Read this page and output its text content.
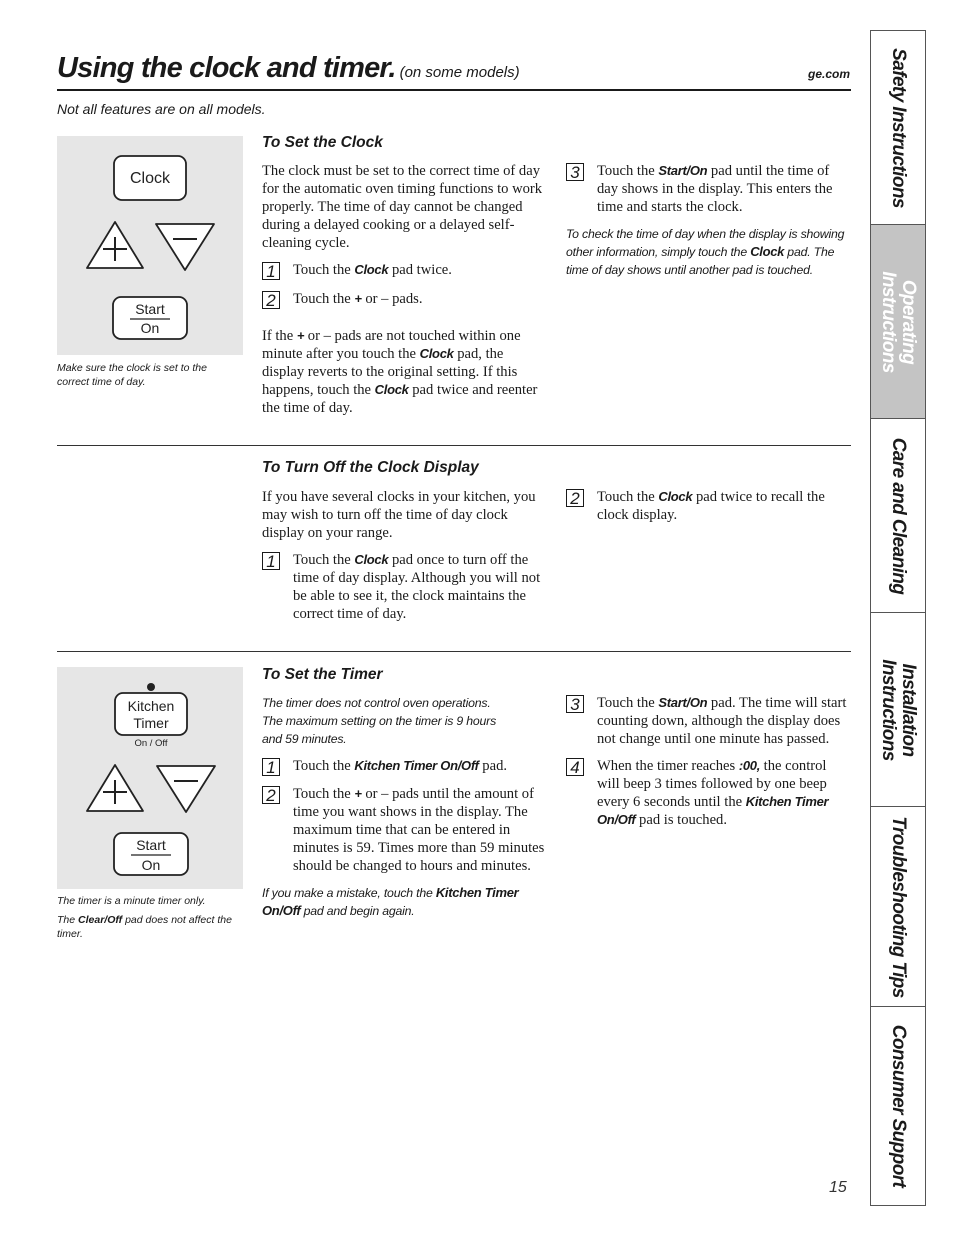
Using the clock and timer. (on some models)	ge.com
Not all features are on all models.
Clock
Start
On
Make sure the clock is set to the correct time of day.
To Set the Clock
The clock must be set to the correct time of day for the automatic oven timing functions to work properly. The time of day cannot be changed during a delayed cooking or a delayed self-cleaning cycle.
1 Touch the Clock pad twice.
2 Touch the + or – pads.
If the + or – pads are not touched within one minute after you touch the Clock pad, the display reverts to the original setting. If this happens, touch the Clock pad twice and reenter the time of day.
3 Touch the Start/On pad until the time of day shows in the display. This enters the time and starts the clock.
To check the time of day when the display is showing other information, simply touch the Clock pad. The time of day shows until another pad is touched.
To Turn Off the Clock Display
If you have several clocks in your kitchen, you may wish to turn off the time of day clock display on your range.
1 Touch the Clock pad once to turn off the time of day display. Although you will not be able to see it, the clock maintains the correct time of day.
2 Touch the Clock pad twice to recall the clock display.
Kitchen
Timer
On / Off
Start
On
The timer is a minute timer only.
The Clear/Off pad does not affect the timer.
To Set the Timer
The timer does not control oven operations. The maximum setting on the timer is 9 hours and 59 minutes.
1 Touch the Kitchen Timer On/Off pad.
2 Touch the + or – pads until the amount of time you want shows in the display. The maximum time that can be entered in minutes is 59. Times more than 59 minutes should be changed to hours and minutes.
If you make a mistake, touch the Kitchen Timer On/Off pad and begin again.
3 Touch the Start/On pad. The time will start counting down, although the display does not change until one minute has passed.
4 When the timer reaches :00, the control will beep 3 times followed by one beep every 6 seconds until the Kitchen Timer On/Off pad is touched.
Safety Instructions
Operating
Instructions
Care and Cleaning
Installation
Instructions
Troubleshooting Tips
Consumer Support
15
